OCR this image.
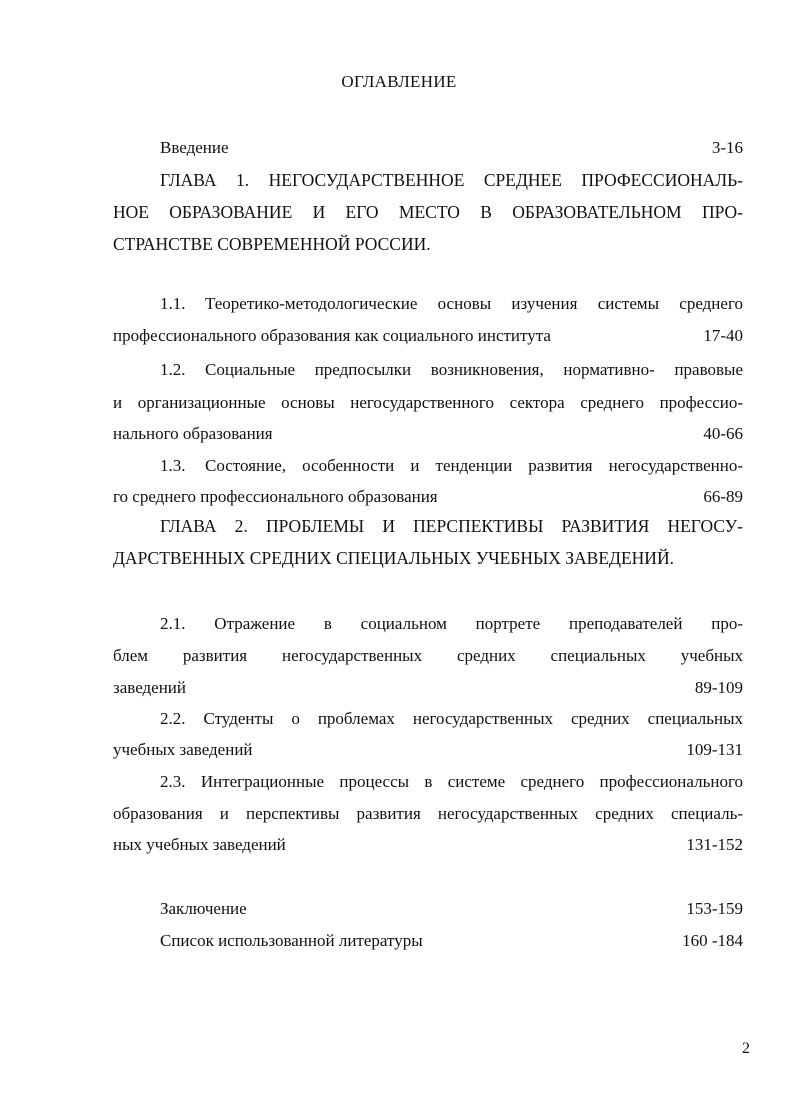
ОГЛАВЛЕНИЕ
Введение	3-16
ГЛАВА 1. НЕГОСУДАРСТВЕННОЕ СРЕДНЕЕ ПРОФЕССИОНАЛЬ-
НОЕ ОБРАЗОВАНИЕ И ЕГО МЕСТО В ОБРАЗОВАТЕЛЬНОМ ПРО-
СТРАНСТВЕ СОВРЕМЕННОЙ РОССИИ.
1.1. Теоретико-методологические основы изучения системы среднего
профессионального образования как социального института	17-40
1.2. Социальные предпосылки возникновения, нормативно- правовые
и организационные основы негосударственного сектора среднего профессио-
нального образования	40-66
1.3. Состояние, особенности и тенденции развития негосударственно-
го среднего профессионального образования	66-89
ГЛАВА 2. ПРОБЛЕМЫ И ПЕРСПЕКТИВЫ РАЗВИТИЯ НЕГОСУ-
ДАРСТВЕННЫХ СРЕДНИХ СПЕЦИАЛЬНЫХ УЧЕБНЫХ ЗАВЕДЕНИЙ.
2.1. Отражение в социальном портрете преподавателей про-
блем развития негосударственных средних специальных учебных
заведений	89-109
2.2. Студенты о проблемах негосударственных средних специальных
учебных заведений	109-131
2.3. Интеграционные процессы в системе среднего профессионального
образования и перспективы развития негосударственных средних специаль-
ных учебных заведений	131-152
Заключение	153-159
Список использованной литературы	160 -184
2
